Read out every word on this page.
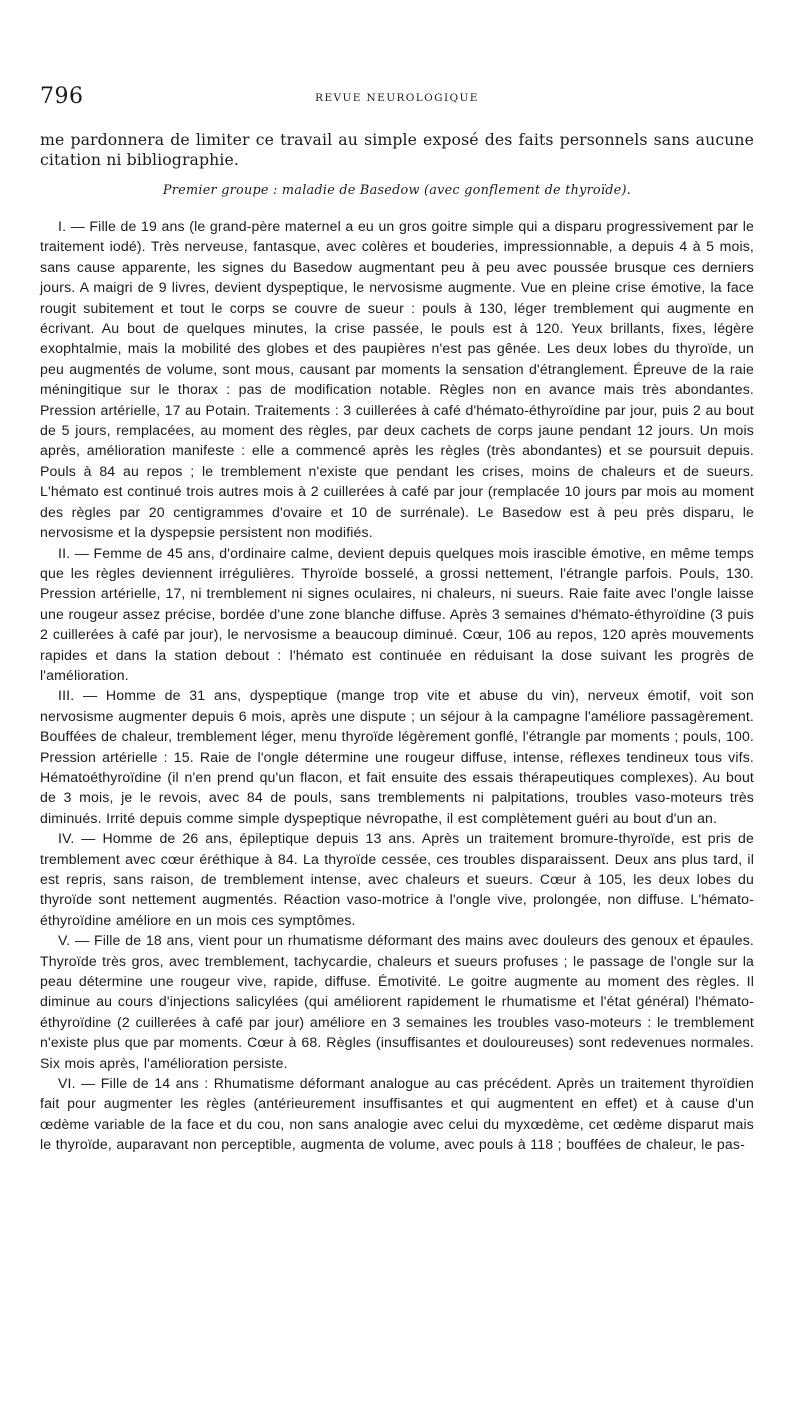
796	REVUE NEUROLOGIQUE

me pardonnera de limiter ce travail au simple exposé des faits personnels sans aucune citation ni bibliographie.

Premier groupe : maladie de Basedow (avec gonflement de thyroïde).

I. — Fille de 19 ans (le grand-père maternel a eu un gros goitre simple qui a disparu progressivement par le traitement iodé). Très nerveuse, fantasque, avec colères et bouderies, impressionnable, a depuis 4 à 5 mois, sans cause apparente, les signes du Basedow augmentant peu à peu avec poussée brusque ces derniers jours. A maigri de 9 livres, devient dyspeptique, le nervosisme augmente. Vue en pleine crise émotive, la face rougit subitement et tout le corps se couvre de sueur : pouls à 130, léger tremblement qui augmente en écrivant. Au bout de quelques minutes, la crise passée, le pouls est à 120. Yeux brillants, fixes, légère exophtalmie, mais la mobilité des globes et des paupières n'est pas gênée. Les deux lobes du thyroïde, un peu augmentés de volume, sont mous, causant par moments la sensation d'étranglement. Épreuve de la raie méningitique sur le thorax : pas de modification notable. Règles non en avance mais très abondantes. Pression artérielle, 17 au Potain. Traitements : 3 cuillerées à café d'hémato-éthyroïdine par jour, puis 2 au bout de 5 jours, remplacées, au moment des règles, par deux cachets de corps jaune pendant 12 jours. Un mois après, amélioration manifeste : elle a commencé après les règles (très abondantes) et se poursuit depuis. Pouls à 84 au repos ; le tremblement n'existe que pendant les crises, moins de chaleurs et de sueurs. L'hémato est continué trois autres mois à 2 cuillerées à café par jour (remplacée 10 jours par mois au moment des règles par 20 centigrammes d'ovaire et 10 de surrénale). Le Basedow est à peu près disparu, le nervosisme et la dyspepsie persistent non modifiés.

II. — Femme de 45 ans, d'ordinaire calme, devient depuis quelques mois irascible émotive, en même temps que les règles deviennent irrégulières. Thyroïde bosselé, a grossi nettement, l'étrangle parfois. Pouls, 130. Pression artérielle, 17, ni tremblement ni signes oculaires, ni chaleurs, ni sueurs. Raie faite avec l'ongle laisse une rougeur assez précise, bordée d'une zone blanche diffuse. Après 3 semaines d'hémato-éthyroïdine (3 puis 2 cuillerées à café par jour), le nervosisme a beaucoup diminué. Cœur, 106 au repos, 120 après mouvements rapides et dans la station debout : l'hémato est continuée en réduisant la dose suivant les progrès de l'amélioration.

III. — Homme de 31 ans, dyspeptique (mange trop vite et abuse du vin), nerveux émotif, voit son nervosisme augmenter depuis 6 mois, après une dispute ; un séjour à la campagne l'améliore passagèrement. Bouffées de chaleur, tremblement léger, menu thyroïde légèrement gonflé, l'étrangle par moments ; pouls, 100. Pression artérielle : 15. Raie de l'ongle détermine une rougeur diffuse, intense, réflexes tendineux tous vifs. Hématoéthyroïdine (il n'en prend qu'un flacon, et fait ensuite des essais thérapeutiques complexes). Au bout de 3 mois, je le revois, avec 84 de pouls, sans tremblements ni palpitations, troubles vaso-moteurs très diminués. Irrité depuis comme simple dyspeptique névropathe, il est complètement guéri au bout d'un an.

IV. — Homme de 26 ans, épileptique depuis 13 ans. Après un traitement bromure-thyroïde, est pris de tremblement avec cœur éréthique à 84. La thyroïde cessée, ces troubles disparaissent. Deux ans plus tard, il est repris, sans raison, de tremblement intense, avec chaleurs et sueurs. Cœur à 105, les deux lobes du thyroïde sont nettement augmentés. Réaction vaso-motrice à l'ongle vive, prolongée, non diffuse. L'hémato-éthyroïdine améliore en un mois ces symptômes.

V. — Fille de 18 ans, vient pour un rhumatisme déformant des mains avec douleurs des genoux et épaules. Thyroïde très gros, avec tremblement, tachycardie, chaleurs et sueurs profuses ; le passage de l'ongle sur la peau détermine une rougeur vive, rapide, diffuse. Émotivité. Le goitre augmente au moment des règles. Il diminue au cours d'injections salicylées (qui améliorent rapidement le rhumatisme et l'état général) l'hémato-éthyroïdine (2 cuillerées à café par jour) améliore en 3 semaines les troubles vaso-moteurs : le tremblement n'existe plus que par moments. Cœur à 68. Règles (insuffisantes et douloureuses) sont redevenues normales. Six mois après, l'amélioration persiste.

VI. — Fille de 14 ans : Rhumatisme déformant analogue au cas précédent. Après un traitement thyroïdien fait pour augmenter les règles (antérieurement insuffisantes et qui augmentent en effet) et à cause d'un œdème variable de la face et du cou, non sans analogie avec celui du myxœdème, cet œdème disparut mais le thyroïde, auparavant non perceptible, augmenta de volume, avec pouls à 118 ; bouffées de chaleur, le pas-
